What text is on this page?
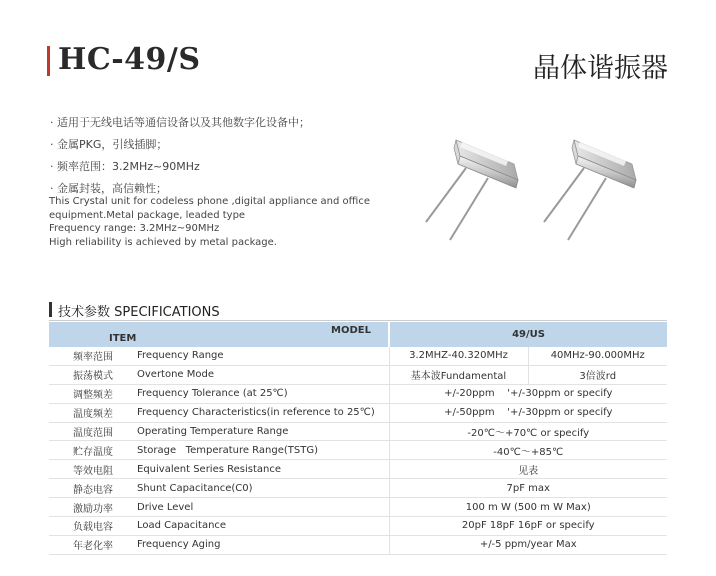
HC-49/S	晶体谐振器
· 适用于无线电话等通信设备以及其他数字化设备中；
· 金属PKG，引线插脚；
· 频率范围：3.2MHz~90MHz
· 金属封装，高信赖性；
This Crystal unit for codeless phone ,digital appliance and office
equipment.Metal package, leaded type
Frequency range: 3.2MHz~90MHz
High reliability is achieved by metal package.
技术参数 SPECIFICATIONS
ITEM
MODEL		49/US	
频率范围	Frequency Range	3.2MHZ-40.320MHz	40MHz-90.000MHz
振荡模式	Overtone Mode	基本波Fundamental	3倍波rd
调整频差	Frequency Tolerance (at 25℃)	+/-20ppm    '+/-30ppm or specify	
温度频差	Frequency Characteristics(in reference to 25℃)	+/-50ppm    '+/-30ppm or specify	
温度范围	Operating Temperature Range	-20℃～+70℃ or specify	
贮存温度	Storage   Temperature Range(TSTG)	-40℃～+85℃	
等效电阻	Equivalent Series Resistance	见表	
静态电容	Shunt Capacitance(C0)	7pF max	
激励功率	Drive Level	100 m W (500 m W Max)	
负载电容	Load Capacitance	20pF 18pF 16pF or specify	
年老化率	Frequency Aging	+/-5 ppm/year Max	
